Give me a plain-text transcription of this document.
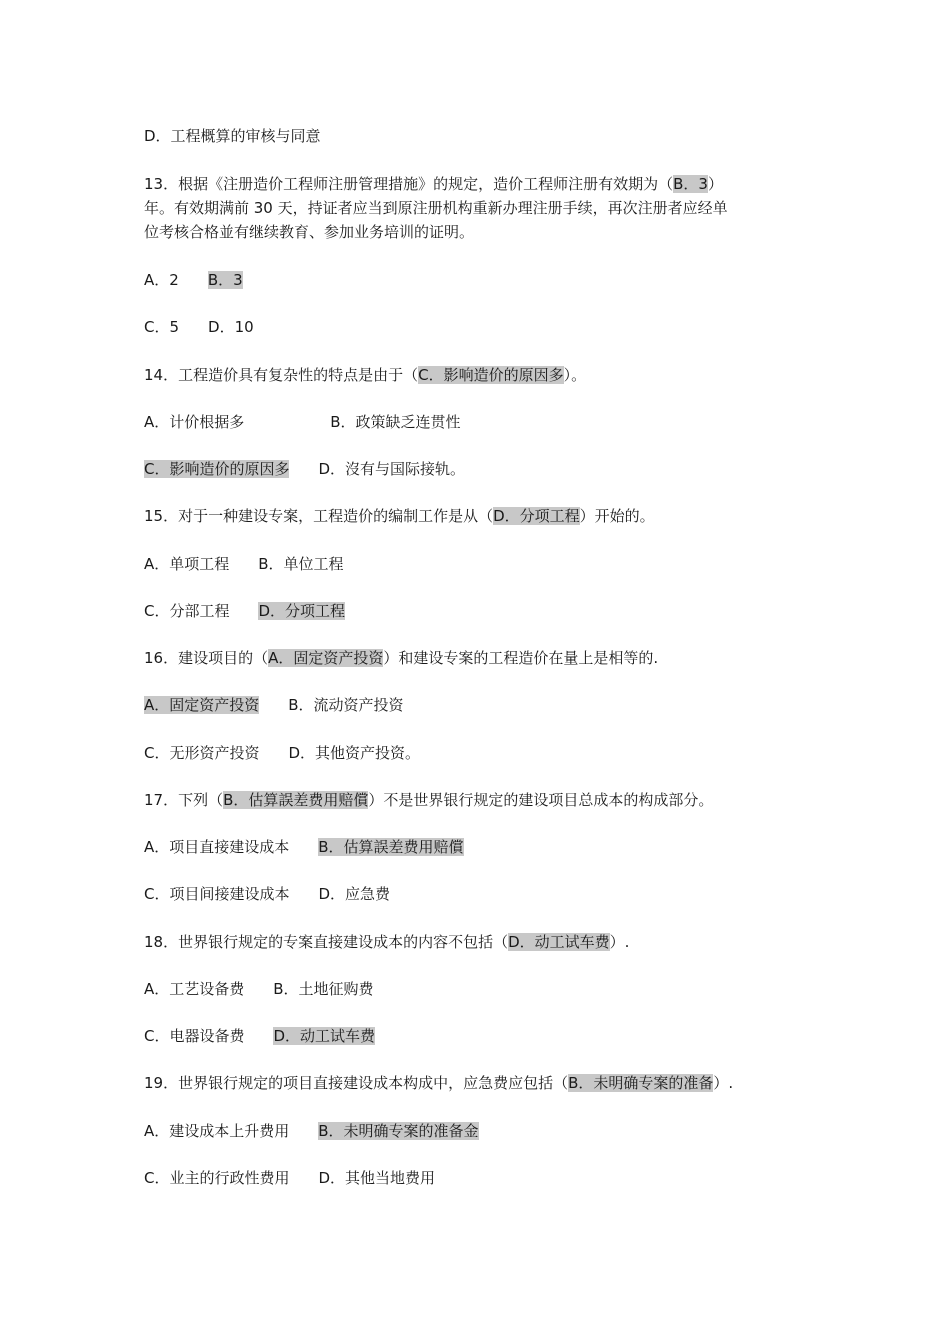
D．工程概算的审核与同意
13．根据《注册造价工程师注册管理措施》的规定，造价工程师注册有效期为（B．3）
年。有效期满前 30 天，持证者应当到原注册机构重新办理注册手续，再次注册者应经单
位考核合格並有继续教育、参加业务培训的证明。
A．2 B．3
C．5 D．10
14．工程造价具有复杂性的特点是由于（C．影响造价的原因多）。
A．计价根据多	B．政策缺乏连贯性
C．影响造价的原因多 D．沒有与国际接轨。
15．对于一种建设专案，工程造价的编制工作是从（D．分项工程）开始的。
A．单项工程 B．单位工程
C．分部工程 D．分项工程
16．建设项目的（A．固定资产投资）和建设专案的工程造价在量上是相等的.
A．固定资产投资 B．流动资产投资
C．无形资产投资 D．其他资产投资。
17．下列（B．估算誤差费用赔償）不是世界银行规定的建设项目总成本的构成部分。
A．项目直接建设成本 B．估算誤差费用赔償
C．项目间接建设成本 D．应急费
18．世界银行规定的专案直接建设成本的内容不包括（D．动工试车费）.
A．工艺设备费 B．土地征购费
C．电器设备费 D．动工试车费
19．世界银行规定的项目直接建设成本构成中，应急费应包括（B．未明确专案的准备）.
A．建设成本上升费用 B．未明确专案的准备金
C．业主的行政性费用 D．其他当地费用
